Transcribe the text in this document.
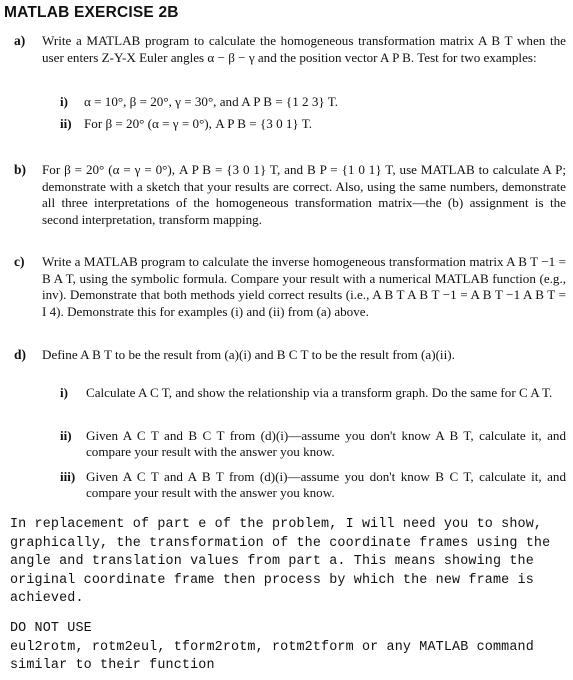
MATLAB EXERCISE 2B
a) Write a MATLAB program to calculate the homogeneous transformation matrix A B T when the user enters Z-Y-X Euler angles α − β − γ and the position vector A P B. Test for two examples:
i) α = 10°, β = 20°, γ = 30°, and A P B = {1 2 3} T.
ii) For β = 20° (α = γ = 0°), A P B = {3 0 1} T.
b) For β = 20° (α = γ = 0°), A P B = {3 0 1} T, and B P = {1 0 1} T, use MATLAB to calculate A P; demonstrate with a sketch that your results are correct. Also, using the same numbers, demonstrate all three interpretations of the homogeneous transformation matrix—the (b) assignment is the second interpretation, transform mapping.
c) Write a MATLAB program to calculate the inverse homogeneous transformation matrix A B T −1 = B A T, using the symbolic formula. Compare your result with a numerical MATLAB function (e.g., inv). Demonstrate that both methods yield correct results (i.e., A B T A B T −1 = A B T −1 A B T = I 4). Demonstrate this for examples (i) and (ii) from (a) above.
d) Define A B T to be the result from (a)(i) and B C T to be the result from (a)(ii).
i) Calculate A C T, and show the relationship via a transform graph. Do the same for C A T.
ii) Given A C T and B C T from (d)(i)—assume you don't know A B T, calculate it, and compare your result with the answer you know.
iii) Given A C T and A B T from (d)(i)—assume you don't know B C T, calculate it, and compare your result with the answer you know.
In replacement of part e of the problem, I will need you to show, graphically, the transformation of the coordinate frames using the angle and translation values from part a. This means showing the original coordinate frame then process by which the new frame is achieved.
DO NOT USE
eul2rotm, rotm2eul, tform2rotm, rotm2tform or any MATLAB command similar to their function
